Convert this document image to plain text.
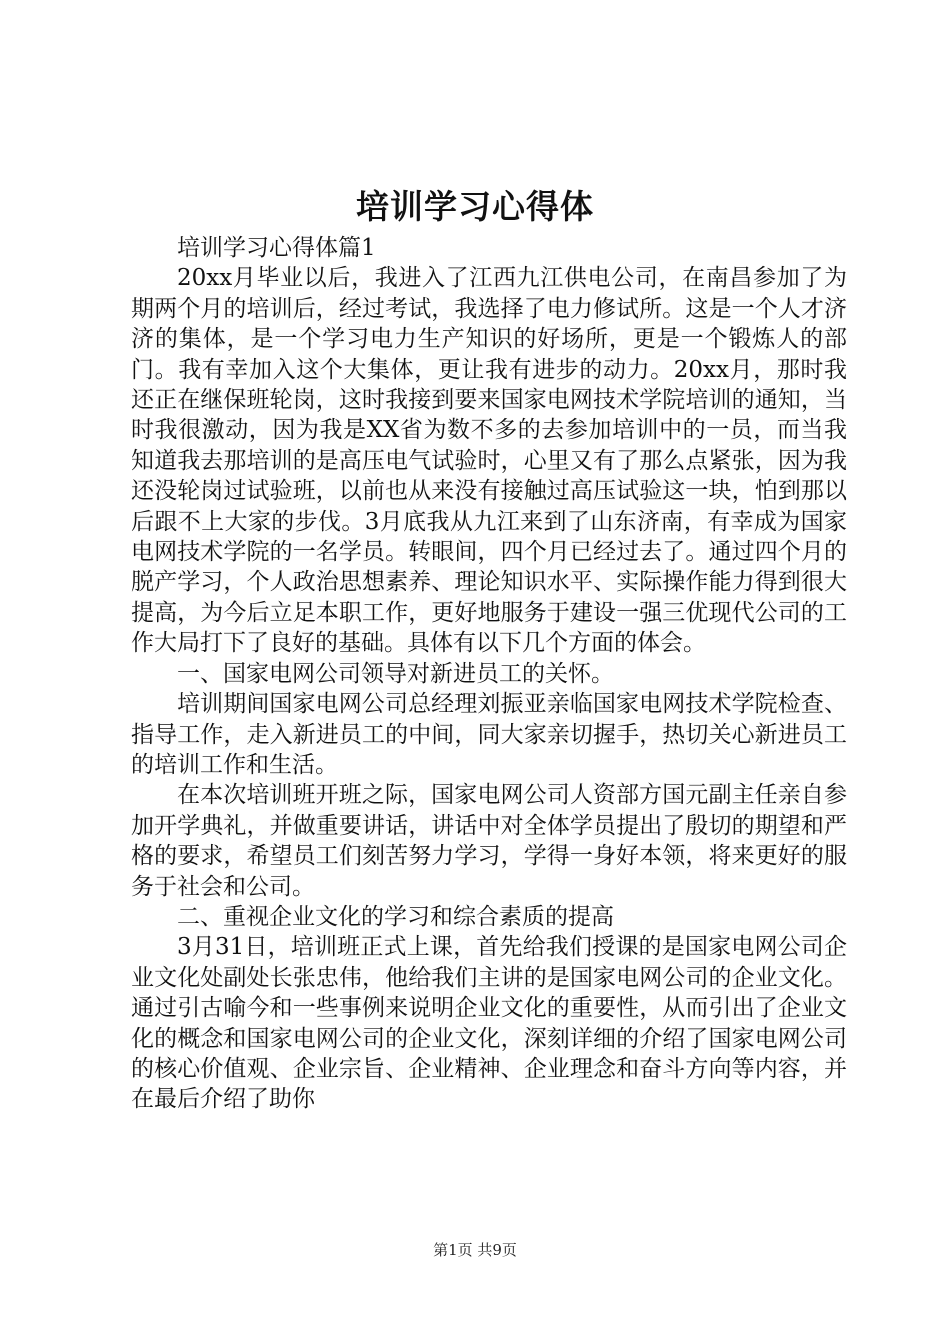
培训学习心得体

培训学习心得体篇1

20xx月毕业以后，我进入了江西九江供电公司，在南昌参加了为期两个月的培训后，经过考试，我选择了电力修试所。这是一个人才济济的集体，是一个学习电力生产知识的好场所，更是一个锻炼人的部门。我有幸加入这个大集体，更让我有进步的动力。20xx月，那时我还正在继保班轮岗，这时我接到要来国家电网技术学院培训的通知，当时我很激动，因为我是XX省为数不多的去参加培训中的一员，而当我知道我去那培训的是高压电气试验时，心里又有了那么点紧张，因为我还没轮岗过试验班，以前也从来没有接触过高压试验这一块，怕到那以后跟不上大家的步伐。3月底我从九江来到了山东济南，有幸成为国家电网技术学院的一名学员。转眼间，四个月已经过去了。通过四个月的脱产学习，个人政治思想素养、理论知识水平、实际操作能力得到很大提高，为今后立足本职工作，更好地服务于建设一强三优现代公司的工作大局打下了良好的基础。具体有以下几个方面的体会。

一、国家电网公司领导对新进员工的关怀。

培训期间国家电网公司总经理刘振亚亲临国家电网技术学院检查、指导工作，走入新进员工的中间，同大家亲切握手，热切关心新进员工的培训工作和生活。

在本次培训班开班之际，国家电网公司人资部方国元副主任亲自参加开学典礼，并做重要讲话，讲话中对全体学员提出了殷切的期望和严格的要求，希望员工们刻苦努力学习，学得一身好本领，将来更好的服务于社会和公司。

二、重视企业文化的学习和综合素质的提高

3月31日，培训班正式上课，首先给我们授课的是国家电网公司企业文化处副处长张忠伟，他给我们主讲的是国家电网公司的企业文化。通过引古喻今和一些事例来说明企业文化的重要性，从而引出了企业文化的概念和国家电网公司的企业文化，深刻详细的介绍了国家电网公司的核心价值观、企业宗旨、企业精神、企业理念和奋斗方向等内容，并在最后介绍了助你

第1页 共9页
